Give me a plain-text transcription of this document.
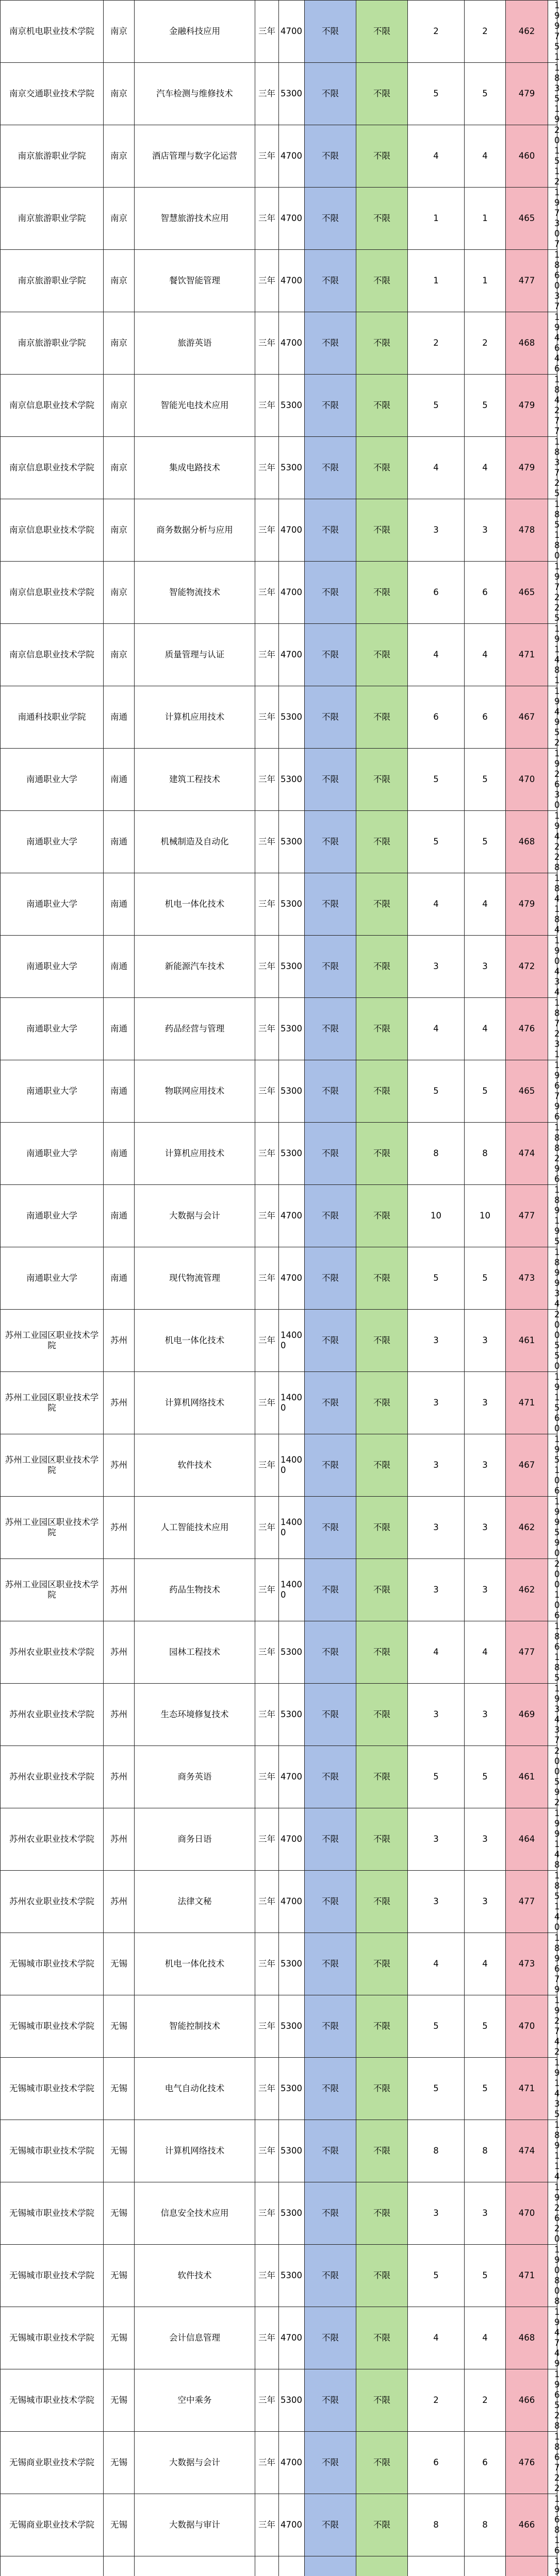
南京机电职业技术学院	南京	金融科技应用	三年	4700	不限	不限	2	2	462	199751	
南京交通职业技术学院	南京	汽车检测与维修技术	三年	5300	不限	不限	5	5	479	183519	
南京旅游职业学院	南京	酒店管理与数字化运营	三年	4700	不限	不限	4	4	460	201512	
南京旅游职业学院	南京	智慧旅游技术应用	三年	4700	不限	不限	1	1	465	197307	
南京旅游职业学院	南京	餐饮智能管理	三年	4700	不限	不限	1	1	477	186037	
南京旅游职业学院	南京	旅游英语	三年	4700	不限	不限	2	2	468	194646	
南京信息职业技术学院	南京	智能光电技术应用	三年	5300	不限	不限	5	5	479	184277	
南京信息职业技术学院	南京	集成电路技术	三年	5300	不限	不限	4	4	479	183725	
南京信息职业技术学院	南京	商务数据分析与应用	三年	4700	不限	不限	3	3	478	185180	
南京信息职业技术学院	南京	智能物流技术	三年	4700	不限	不限	6	6	465	197225	
南京信息职业技术学院	南京	质量管理与认证	三年	4700	不限	不限	4	4	471	191481	
南通科技职业学院	南通	计算机应用技术	三年	5300	不限	不限	6	6	467	194952	
南通职业大学	南通	建筑工程技术	三年	5300	不限	不限	5	5	470	192630	
南通职业大学	南通	机械制造及自动化	三年	5300	不限	不限	5	5	468	194228	
南通职业大学	南通	机电一体化技术	三年	5300	不限	不限	4	4	479	184184	
南通职业大学	南通	新能源汽车技术	三年	5300	不限	不限	3	3	472	190434	
南通职业大学	南通	药品经营与管理	三年	5300	不限	不限	4	4	476	187231	
南通职业大学	南通	物联网应用技术	三年	5300	不限	不限	5	5	465	196796	
南通职业大学	南通	计算机应用技术	三年	5300	不限	不限	8	8	474	188296	
南通职业大学	南通	大数据与会计	三年	4700	不限	不限	10	10	477	189195	
南通职业大学	南通	现代物流管理	三年	4700	不限	不限	5	5	473	189934	
苏州工业园区职业技术学院	苏州	机电一体化技术	三年	14000	不限	不限	3	3	461	200550	
苏州工业园区职业技术学院	苏州	计算机网络技术	三年	14000	不限	不限	3	3	471	191560	
苏州工业园区职业技术学院	苏州	软件技术	三年	14000	不限	不限	3	3	467	195106	
苏州工业园区职业技术学院	苏州	人工智能技术应用	三年	14000	不限	不限	3	3	462	199590	
苏州工业园区职业技术学院	苏州	药品生物技术	三年	14000	不限	不限	3	3	462	200106	
苏州农业职业技术学院	苏州	园林工程技术	三年	5300	不限	不限	4	4	477	186185	
苏州农业职业技术学院	苏州	生态环境修复技术	三年	5300	不限	不限	3	3	469	193437	
苏州农业职业技术学院	苏州	商务英语	三年	4700	不限	不限	5	5	461	200592	
苏州农业职业技术学院	苏州	商务日语	三年	4700	不限	不限	3	3	464	199148	
苏州农业职业技术学院	苏州	法律文秘	三年	4700	不限	不限	3	3	477	185140	
无锡城市职业技术学院	无锡	机电一体化技术	三年	5300	不限	不限	4	4	473	189679	
无锡城市职业技术学院	无锡	智能控制技术	三年	5300	不限	不限	5	5	470	192742	
无锡城市职业技术学院	无锡	电气自动化技术	三年	5300	不限	不限	5	5	471	191435	
无锡城市职业技术学院	无锡	计算机网络技术	三年	5300	不限	不限	8	8	474	189114	
无锡城市职业技术学院	无锡	信息安全技术应用	三年	5300	不限	不限	3	3	470	192620	
无锡城市职业技术学院	无锡	软件技术	三年	5300	不限	不限	5	5	471	190808	
无锡城市职业技术学院	无锡	会计信息管理	三年	4700	不限	不限	4	4	468	194749	
无锡城市职业技术学院	无锡	空中乘务	三年	5300	不限	不限	2	2	466	196528	
无锡商业职业技术学院	无锡	大数据与会计	三年	4700	不限	不限	6	6	476	186722	
无锡商业职业技术学院	无锡	大数据与审计	三年	4700	不限	不限	8	8	466	196816	
										19	
